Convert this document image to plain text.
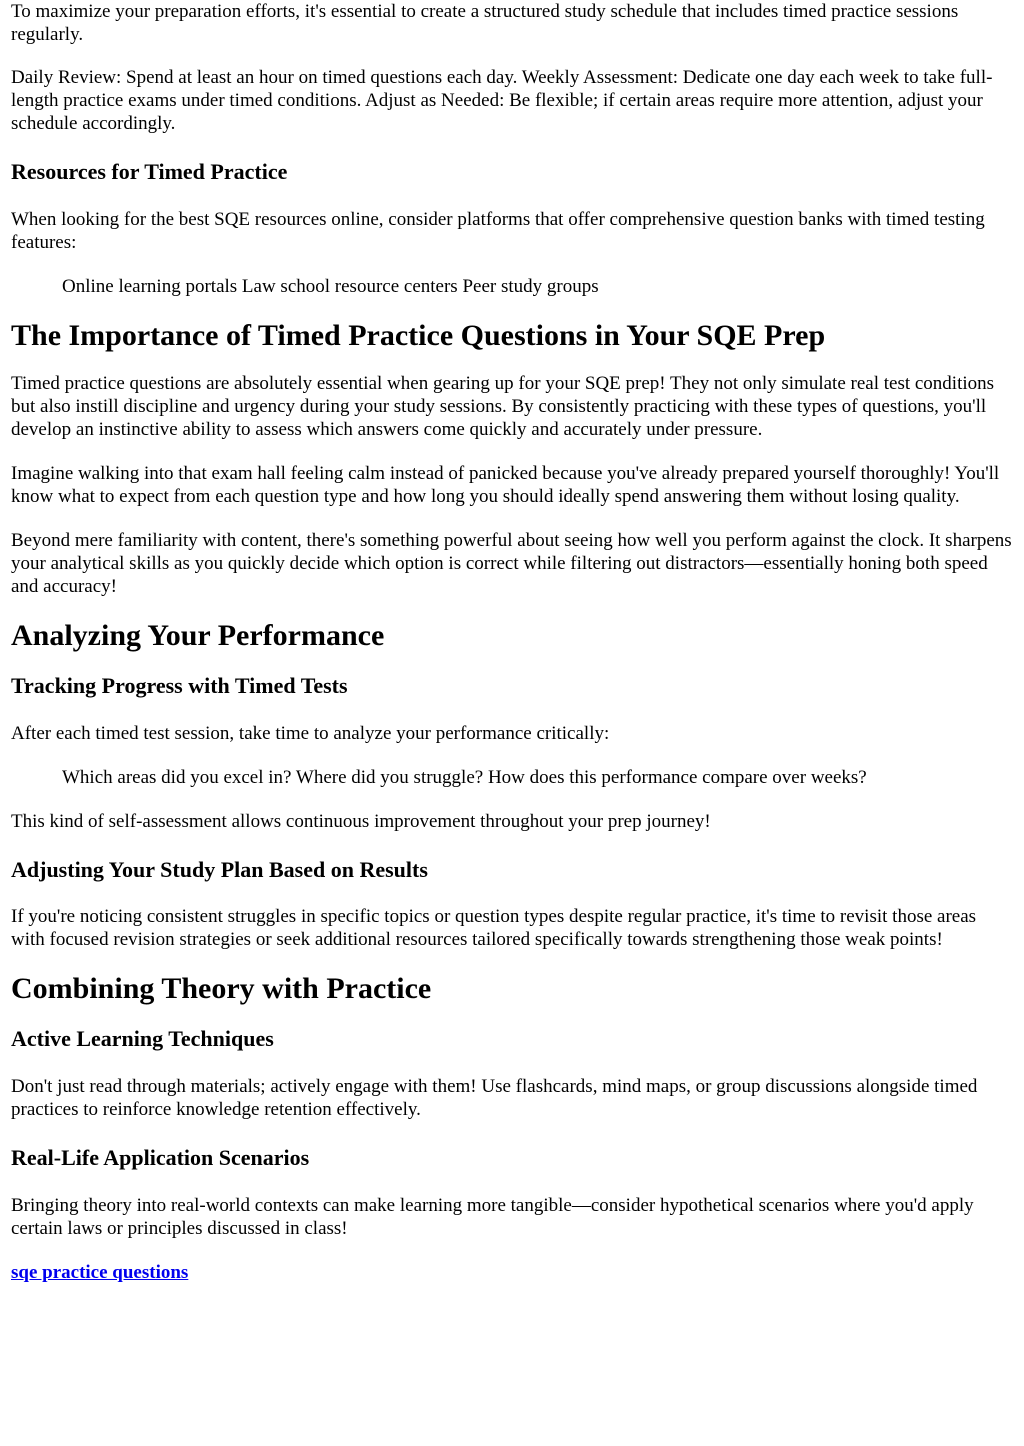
To maximize your preparation efforts, it's essential to create a structured study schedule that includes timed practice sessions regularly.

Daily Review: Spend at least an hour on timed questions each day. Weekly Assessment: Dedicate one day each week to take full-length practice exams under timed conditions. Adjust as Needed: Be flexible; if certain areas require more attention, adjust your schedule accordingly.

Resources for Timed Practice

When looking for the best SQE resources online, consider platforms that offer comprehensive question banks with timed testing features:

Online learning portals Law school resource centers Peer study groups

The Importance of Timed Practice Questions in Your SQE Prep

Timed practice questions are absolutely essential when gearing up for your SQE prep! They not only simulate real test conditions but also instill discipline and urgency during your study sessions. By consistently practicing with these types of questions, you'll develop an instinctive ability to assess which answers come quickly and accurately under pressure.

Imagine walking into that exam hall feeling calm instead of panicked because you've already prepared yourself thoroughly! You'll know what to expect from each question type and how long you should ideally spend answering them without losing quality.

Beyond mere familiarity with content, there's something powerful about seeing how well you perform against the clock. It sharpens your analytical skills as you quickly decide which option is correct while filtering out distractors—essentially honing both speed and accuracy!

Analyzing Your Performance
Tracking Progress with Timed Tests

After each timed test session, take time to analyze your performance critically:

Which areas did you excel in? Where did you struggle? How does this performance compare over weeks?

This kind of self-assessment allows continuous improvement throughout your prep journey!

Adjusting Your Study Plan Based on Results

If you're noticing consistent struggles in specific topics or question types despite regular practice, it's time to revisit those areas with focused revision strategies or seek additional resources tailored specifically towards strengthening those weak points!

Combining Theory with Practice
Active Learning Techniques

Don't just read through materials; actively engage with them! Use flashcards, mind maps, or group discussions alongside timed practices to reinforce knowledge retention effectively.

Real-Life Application Scenarios

Bringing theory into real-world contexts can make learning more tangible—consider hypothetical scenarios where you'd apply certain laws or principles discussed in class!

sqe practice questions
